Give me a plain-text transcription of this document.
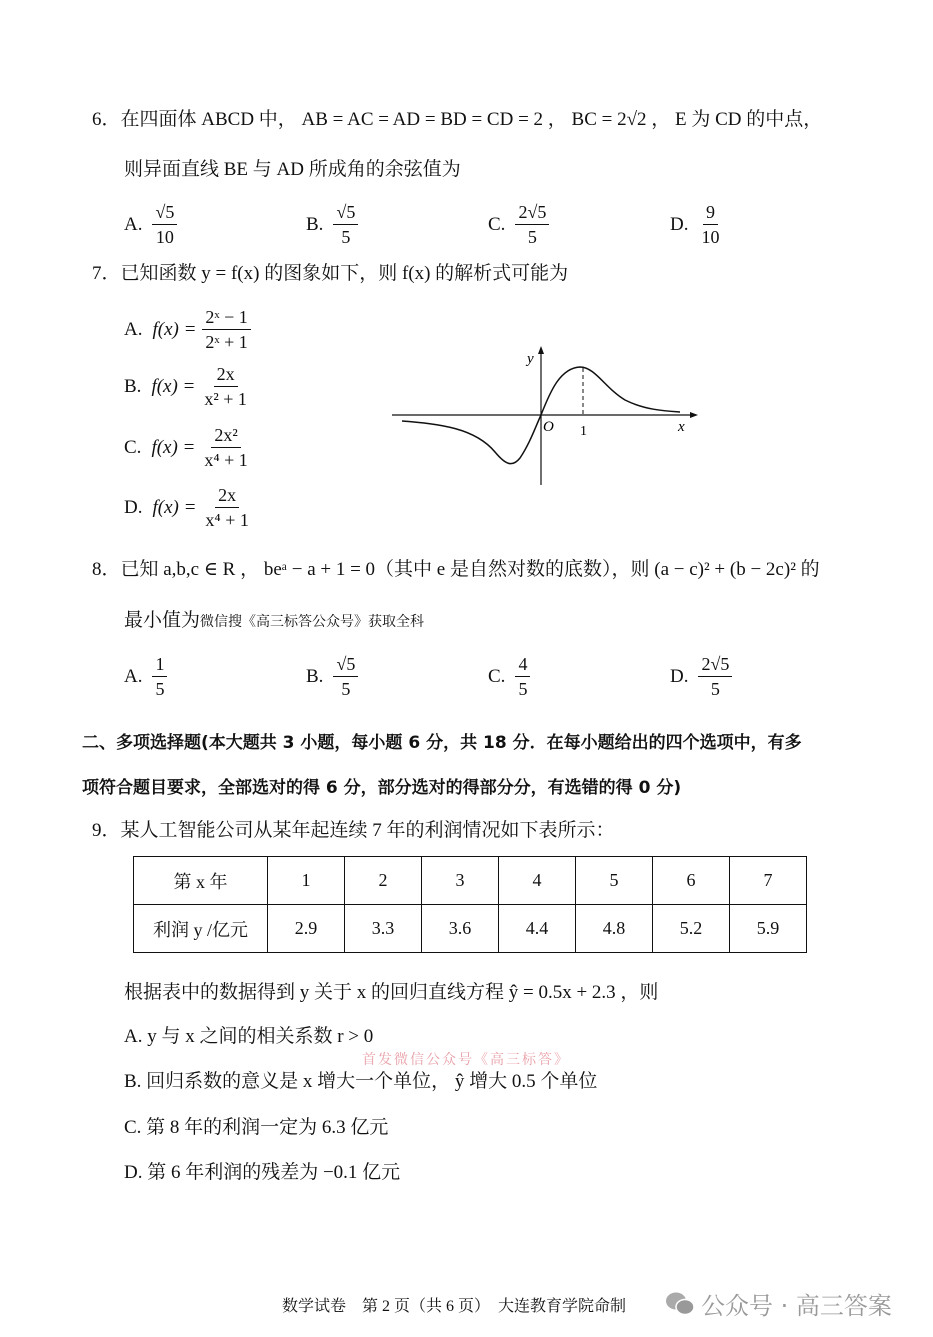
6．在四面体 ABCD 中， AB = AC = AD = BD = CD = 2 ， BC = 2√2 ， E 为 CD 的中点，
则异面直线 BE 与 AD 所成角的余弦值为
A. $\frac{√5}{10}$	B. $\frac{√5}{5}$	C. $\frac{2√5}{5}$	D. $\frac{9}{10}$
7．已知函数 y = f(x) 的图象如下，则 f(x) 的解析式可能为
A. $f(x) = \frac{\text{2ˣ − 1}}{\text{2ˣ + 1}}$
B. $f(x) = \frac{2x}{\text{x² + 1}}$
C. $f(x) = \frac{\text{2x²}}{\text{x⁴ + 1}}$
D. $f(x) = \frac{2x}{\text{x⁴ + 1}}$
y
x
O 1
8．已知 a,b,c ∈ R ， beᵃ − a + 1 = 0（其中 e 是自然对数的底数），则 (a − c)² + (b − 2c)² 的
最小值为微信搜《高三标答公众号》获取全科
A. $\frac{1}{5}$	B. $\frac{√5}{5}$	C. $\frac{4}{5}$	D. $\frac{2√5}{5}$
二、多项选择题(本大题共 3 小题，每小题 6 分，共 18 分．在每小题给出的四个选项中，有多
项符合题目要求，全部选对的得 6 分，部分选对的得部分分，有选错的得 0 分)
9．某人工智能公司从某年起连续 7 年的利润情况如下表所示：
第 x 年	1	2	3	4	5	6	7
利润 y /亿元	2.9	3.3	3.6	4.4	4.8	5.2	5.9
根据表中的数据得到 y 关于 x 的回归直线方程 ŷ = 0.5x + 2.3 ，则
A. y 与 x 之间的相关系数 r > 0
首发微信公众号《高三标答》
B. 回归系数的意义是 x 增大一个单位， ŷ 增大 0.5 个单位
C. 第 8 年的利润一定为 6.3 亿元
D. 第 6 年利润的残差为 −0.1 亿元
数学试卷　第 2 页（共 6 页）　大连教育学院命制	公众号 · 高三答案
